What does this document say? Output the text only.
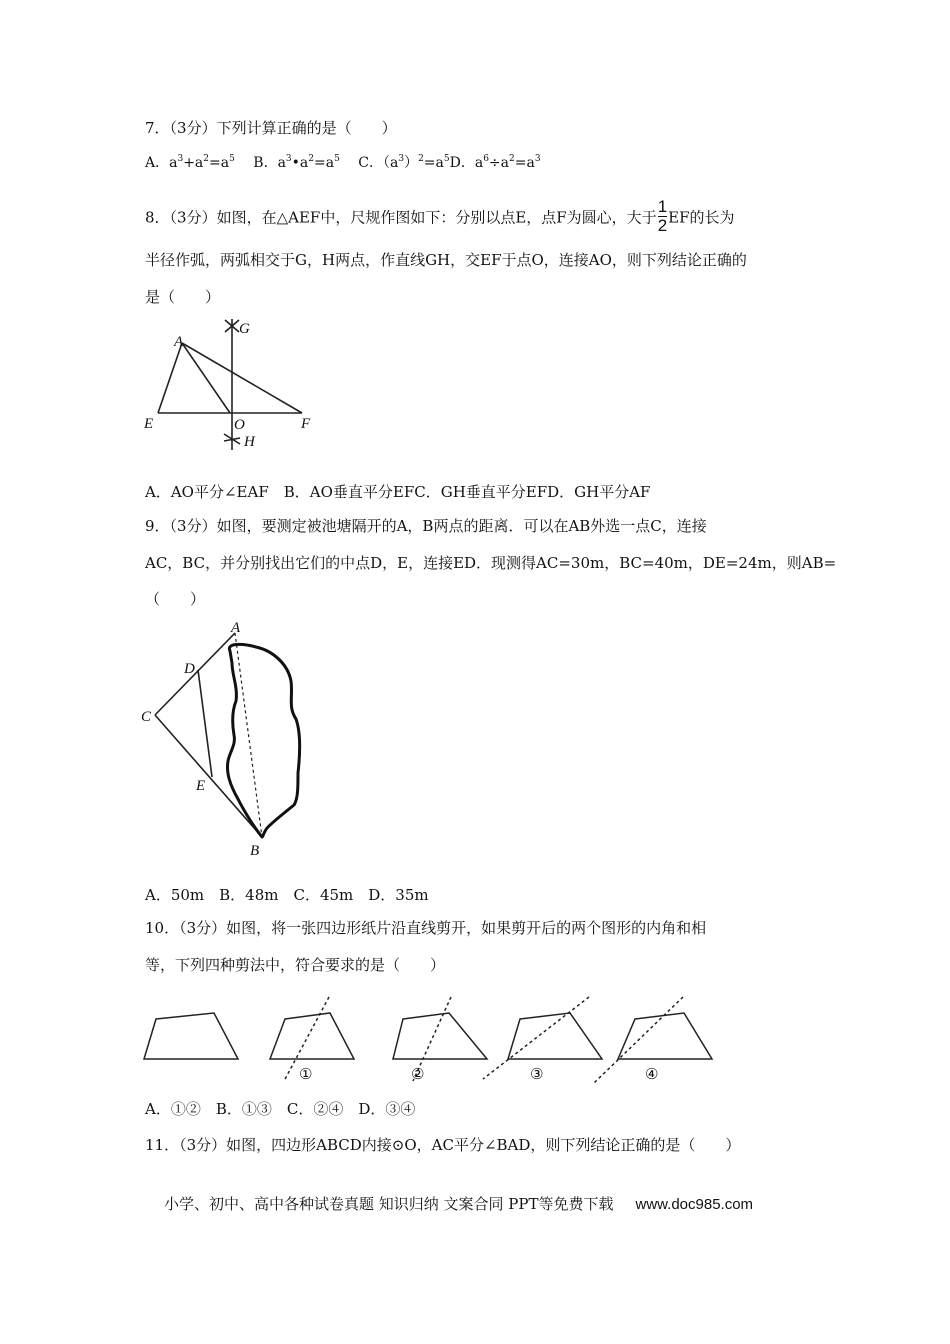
7．（3分）下列计算正确的是（　　）
A．$a^3+a^2=a^5$ 　B．$a^3•a^2=a^5$ 　C．$(a^3)^2=a^5D$．$a^6\div a^2=a^3$
8．（3分）如图，在△AEF中，尺规作图如下：分别以点E，点F为圆心，大于 $\frac{1}{2}$ EF的长为
半径作弧，两弧相交于G，H两点，作直线GH，交EF于点O，连接AO，则下列结论正确的
是（　　）
G
A
E	O	F
H
A．AO平分∠EAF　B．AO垂直平分EFC．GH垂直平分EFD．GH平分AF
9．（3分）如图，要测定被池塘隔开的A，B两点的距离．可以在AB外选一点C，连接
AC，BC，并分别找出它们的中点D，E，连接ED．现测得AC=30m，BC=40m，DE=24m，则AB=
（　　）
A
D
C
E
B
A．50m　B．48m　C．45m　D．35m
10．（3分）如图，将一张四边形纸片沿直线剪开，如果剪开后的两个图形的内角和相
等，下列四种剪法中，符合要求的是（　　）
①	②	③	④
A．①②　B．①③　C．②④　D．③④
11．（3分）如图，四边形ABCD内接⊙O，AC平分∠BAD，则下列结论正确的是（　　）
小学、初中、高中各种试卷真题 知识归纳 文案合同 PPT等免费下载 www.doc985.com
